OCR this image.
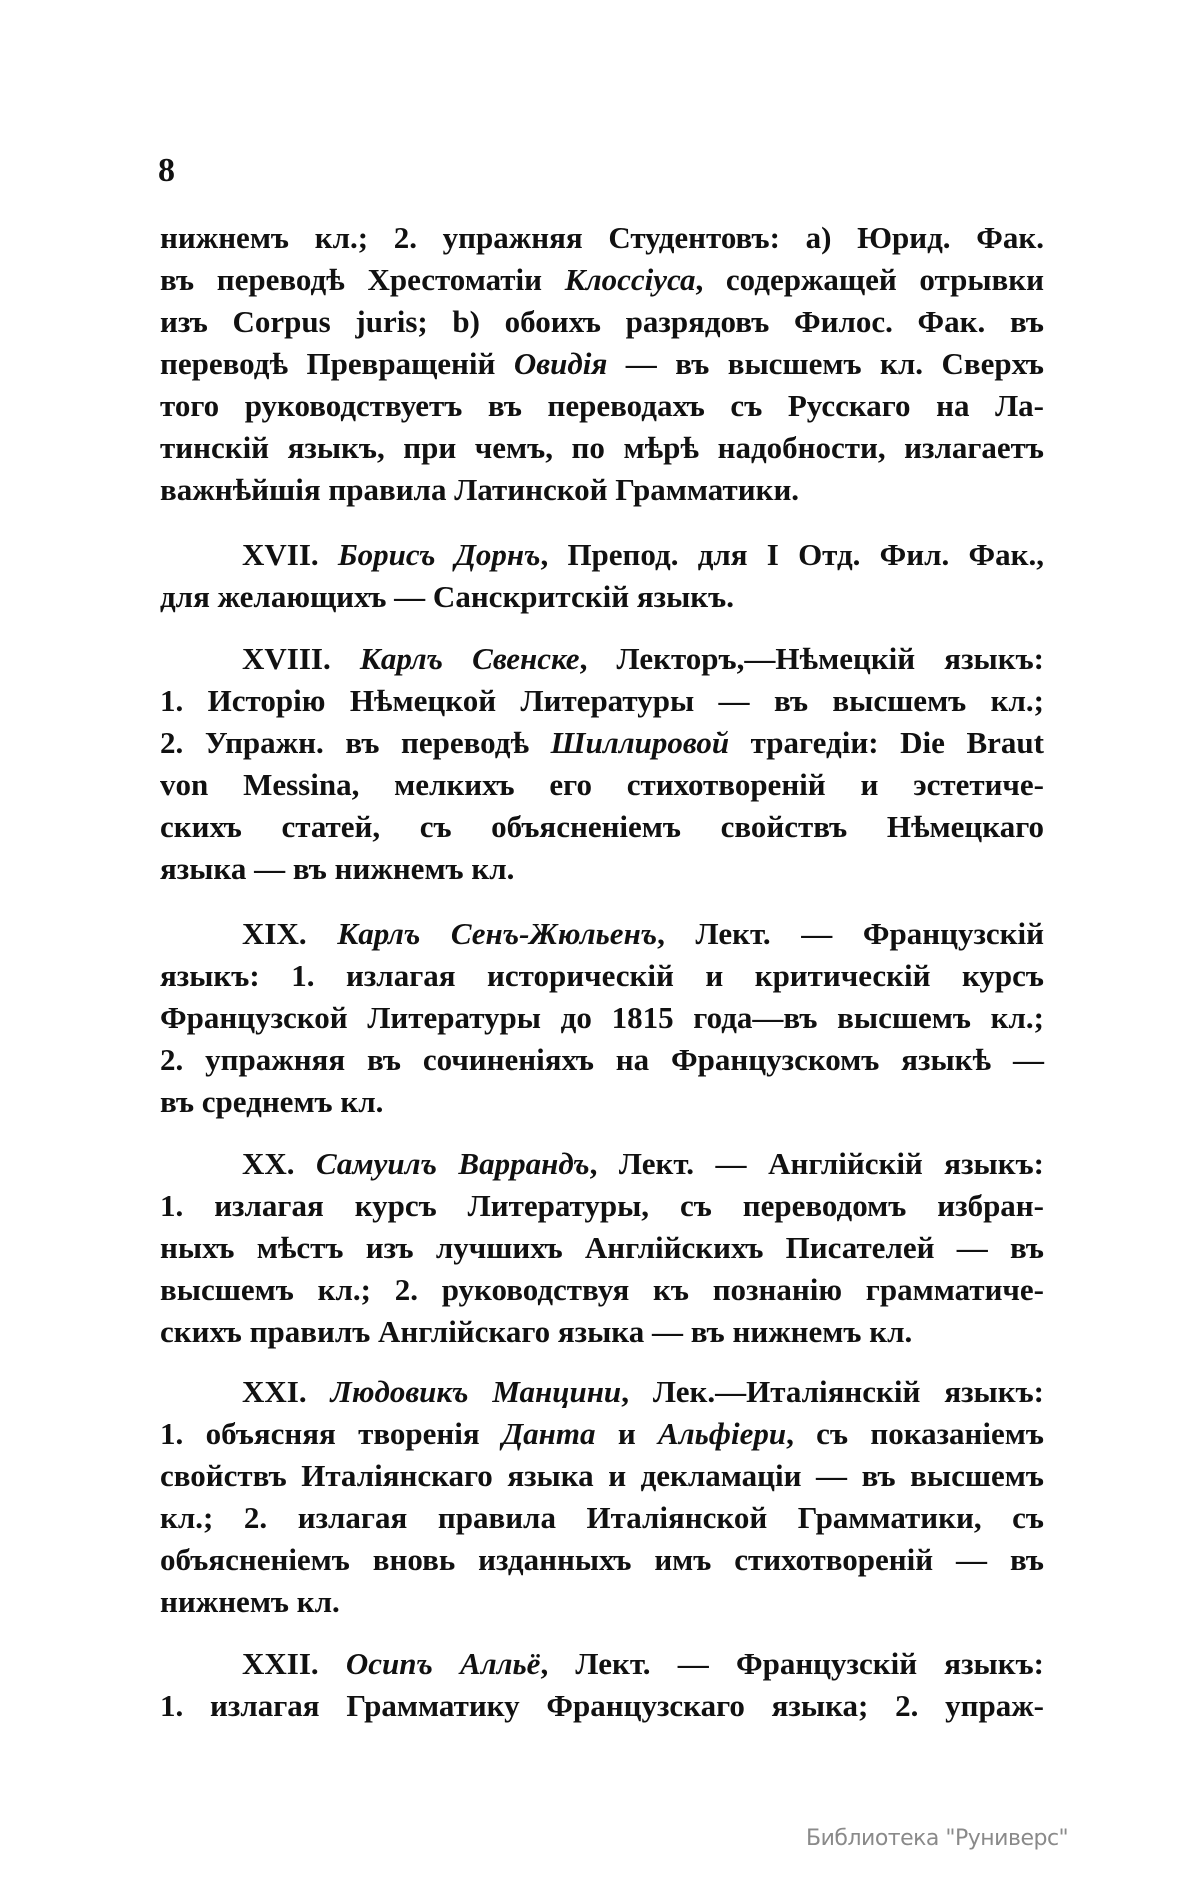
8
нижнемъ кл.; 2. упражняя Студентовъ: а) Юрид. Фак.
въ переводѣ Хрестоматіи Клоссіуса, содержащей отрывки
изъ Corpus juris; b) обоихъ разрядовъ Филос. Фак. въ
переводѣ Превращеній Овидія — въ высшемъ кл. Сверхъ
того руководствуетъ въ переводахъ съ Русскаго на Ла-
тинскій языкъ, при чемъ, по мѣрѣ надобности, излагаетъ
важнѣйшія правила Латинской Грамматики.
XVII. Борисъ Дорнъ, Препод. для I Отд. Фил. Фак.,
для желающихъ — Санскритскій языкъ.
XVIII. Карлъ Свенске, Лекторъ,—Нѣмецкій языкъ:
1. Исторію Нѣмецкой Литературы — въ высшемъ кл.;
2. Упражн. въ переводѣ Шиллировой трагедіи: Die Braut
von Messina, мелкихъ его стихотвореній и эстетиче-
скихъ статей, съ объясненіемъ свойствъ Нѣмецкаго
языка — въ нижнемъ кл.
XIX. Карлъ Сенъ-Жюльенъ, Лект. — Французскій
языкъ: 1. излагая историческій и критическій курсъ
Французской Литературы до 1815 года—въ высшемъ кл.;
2. упражняя въ сочиненіяхъ на Французскомъ языкѣ —
въ среднемъ кл.
XX. Самуилъ Варрандъ, Лект. — Англійскій языкъ:
1. излагая курсъ Литературы, съ переводомъ избран-
ныхъ мѣстъ изъ лучшихъ Англійскихъ Писателей — въ
высшемъ кл.; 2. руководствуя къ познанію грамматиче-
скихъ правилъ Англійскаго языка — въ нижнемъ кл.
XXI. Людовикъ Манцини, Лек.—Италіянскій языкъ:
1. объясняя творенія Данта и Альфіери, съ показаніемъ
свойствъ Италіянскаго языка и декламаціи — въ высшемъ
кл.; 2. излагая правила Италіянской Грамматики, съ
объясненіемъ вновь изданныхъ имъ стихотвореній — въ
нижнемъ кл.
XXII. Осипъ Алльё, Лект. — Французскій языкъ:
1. излагая Грамматику Французскаго языка; 2. упраж-
Библиотека "Руниверс"
